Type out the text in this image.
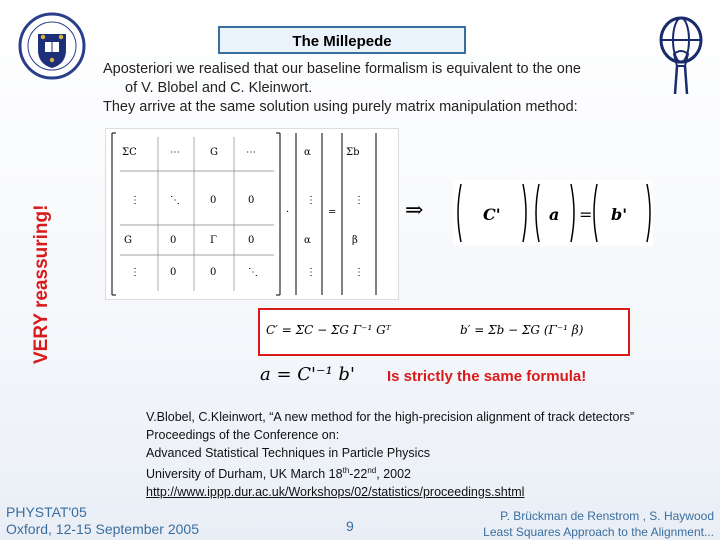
The Millepede
Aposteriori we realised that our baseline formalism is equivalent to the one

of V. Blobel and C. Kleinwort.
They arrive at the same solution using purely matrix manipulation method:
VERY reassuring!
ΣC	⋯	G	⋯
⋮	⋱	0	0
G	0	Γ	0
⋮	0	0	⋱
·
α
⋮
α
⋮
=
Σb
⋮
β
⋮
⇒	C'	a = b'
C′ = ΣC − ΣG Γ⁻¹ Gᵀ	b′ = Σb − ΣG (Γ⁻¹ β)
a = C'⁻¹ b'	Is strictly the same formula!
V.Blobel, C.Kleinwort, “A new method for the high-precision alignment of track detectors”
Proceedings of the Conference on:
Advanced Statistical Techniques in Particle Physics
University of Durham, UK March 18th-22nd, 2002
http://www.ippp.dur.ac.uk/Workshops/02/statistics/proceedings.shtml
PHYSTAT'05
Oxford, 12-15 September 2005	9
P. Brückman de Renstrom , S. Haywood
Least Squares Approach to the Alignment...
